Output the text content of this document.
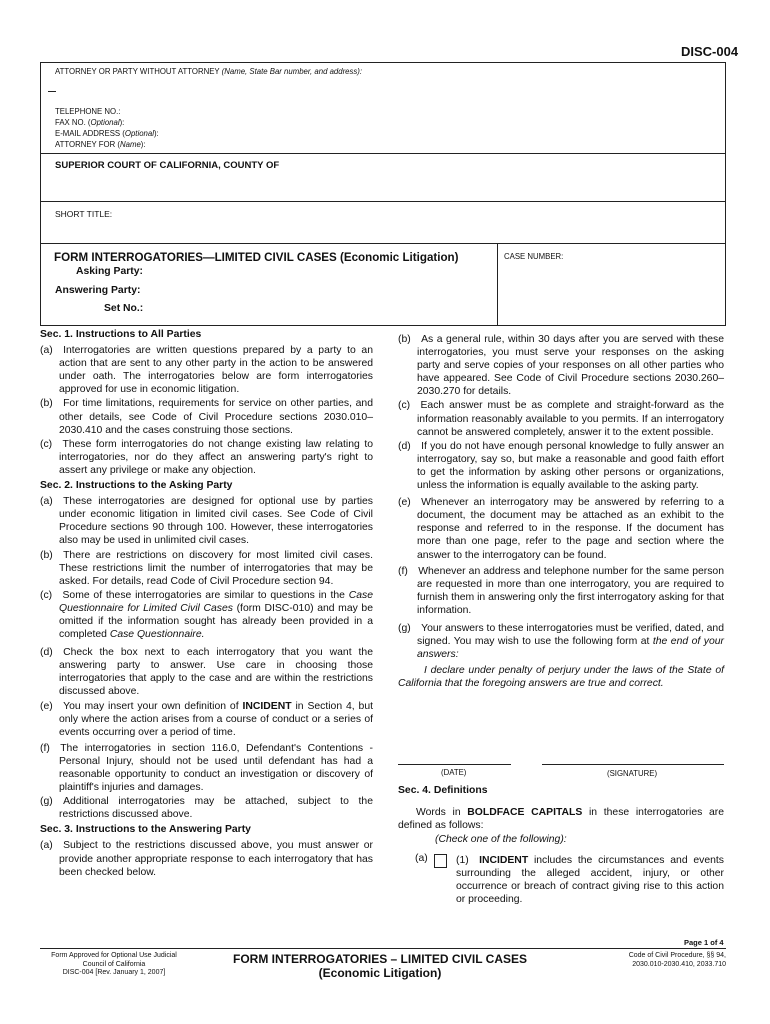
DISC-004
ATTORNEY OR PARTY WITHOUT ATTORNEY (Name, State Bar number, and address):
TELEPHONE NO.:
FAX NO. (Optional):
E-MAIL ADDRESS (Optional):
ATTORNEY FOR (Name):
SUPERIOR COURT OF CALIFORNIA, COUNTY OF
SHORT TITLE:
FORM INTERROGATORIES—LIMITED CIVIL CASES (Economic Litigation)
Asking Party:
Answering Party:
Set No.:
CASE NUMBER:
Sec. 1. Instructions to All Parties

(a) Interrogatories are written questions prepared by a party to an action that are sent to any other party in the action to be answered under oath. The interrogatories below are form interrogatories approved for use in economic litigation.

(b) For time limitations, requirements for service on other parties, and other details, see Code of Civil Procedure sections 2030.010–2030.410 and the cases construing those sections.

(c) These form interrogatories do not change existing law relating to interrogatories, nor do they affect an answering party's right to assert any privilege or make any objection.

Sec. 2. Instructions to the Asking Party

(a) These interrogatories are designed for optional use by parties under economic litigation in limited civil cases. See Code of Civil Procedure sections 90 through 100. However, these interrogatories also may be used in unlimited civil cases.

(b) There are restrictions on discovery for most limited civil cases. These restrictions limit the number of interrogatories that may be asked. For details, read Code of Civil Procedure section 94.

(c) Some of these interrogatories are similar to questions in the Case Questionnaire for Limited Civil Cases (form DISC-010) and may be omitted if the information sought has already been provided in a completed Case Questionnaire.

(d) Check the box next to each interrogatory that you want the answering party to answer. Use care in choosing those interrogatories that apply to the case and are within the restrictions discussed above.

(e) You may insert your own definition of INCIDENT in Section 4, but only where the action arises from a course of conduct or a series of events occurring over a period of time.

(f) The interrogatories in section 116.0, Defendant's Contentions - Personal Injury, should not be used until defendant has had a reasonable opportunity to conduct an investigation or discovery of plaintiff's injuries and damages.

(g) Additional interrogatories may be attached, subject to the restrictions discussed above.

Sec. 3. Instructions to the Answering Party

(a) Subject to the restrictions discussed above, you must answer or provide another appropriate response to each interrogatory that has been checked below.

(b) As a general rule, within 30 days after you are served with these interrogatories, you must serve your responses on the asking party and serve copies of your responses on all other parties who have appeared. See Code of Civil Procedure sections 2030.260–2030.270 for details.

(c) Each answer must be as complete and straight-forward as the information reasonably available to you permits. If an interrogatory cannot be answered completely, answer it to the extent possible.

(d) If you do not have enough personal knowledge to fully answer an interrogatory, say so, but make a reasonable and good faith effort to get the information by asking other persons or organizations, unless the information is equally available to the asking party.

(e) Whenever an interrogatory may be answered by referring to a document, the document may be attached as an exhibit to the response and referred to in the response. If the document has more than one page, refer to the page and section where the answer to the interrogatory can be found.

(f) Whenever an address and telephone number for the same person are requested in more than one interrogatory, you are required to furnish them in answering only the first interrogatory asking for that information.

(g) Your answers to these interrogatories must be verified, dated, and signed. You may wish to use the following form at the end of your answers:

I declare under penalty of perjury under the laws of the State of California that the foregoing answers are true and correct.

(DATE)	(SIGNATURE)
Sec. 4. Definitions

Words in BOLDFACE CAPITALS in these interrogatories are defined as follows:

(Check one of the following):

(a)	(1) INCIDENT includes the circumstances and events surrounding the alleged accident, injury, or other occurrence or breach of contract giving rise to this action or proceeding.

Page 1 of 4
Form Approved for Optional Use Judicial
Council of California
DISC-004 [Rev. January 1, 2007]
FORM INTERROGATORIES – LIMITED CIVIL CASES
(Economic Litigation)
Code of Civil Procedure, §§ 94,
2030.010-2030.410, 2033.710
